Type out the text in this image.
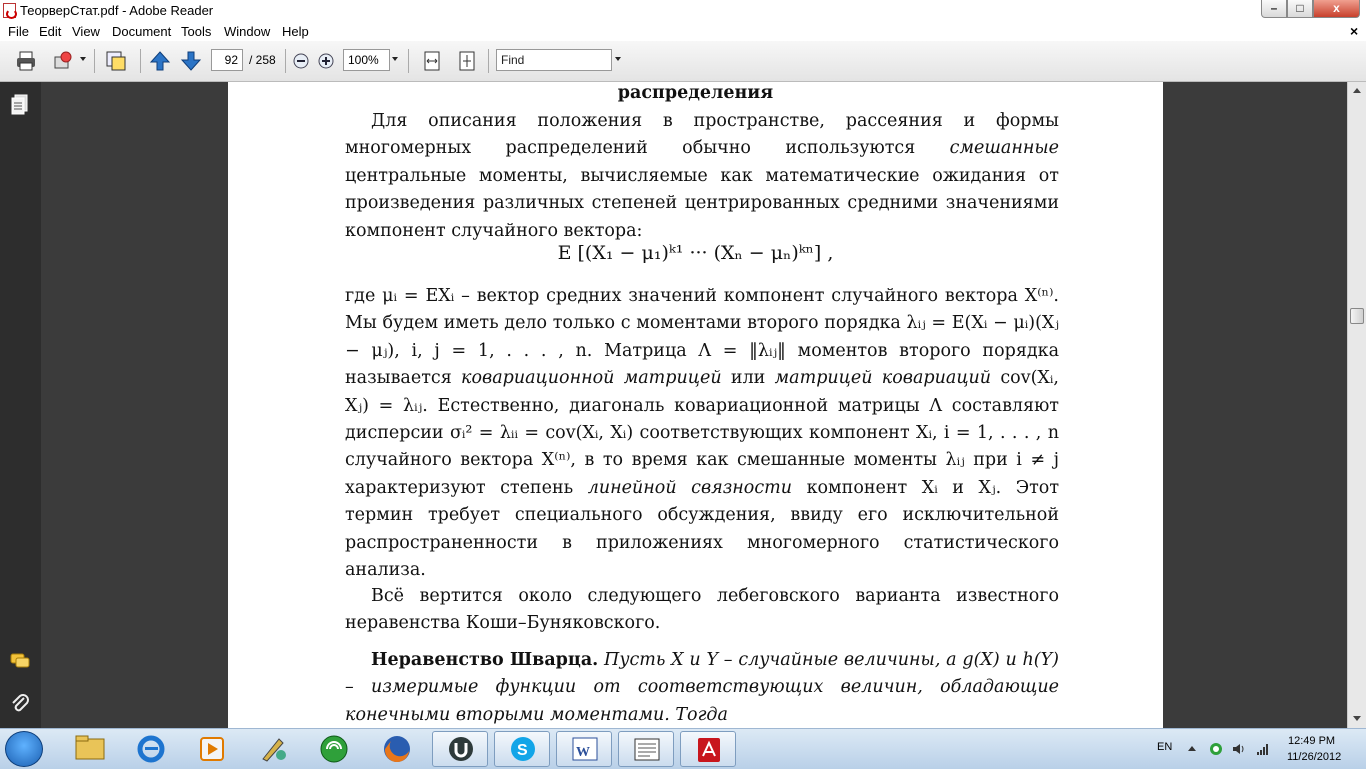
ТеорверСтат.pdf - Adobe Reader	–	□	x
File Edit View Document Tools Window Help	×
92 / 258	100%	Find
распределения

Для описания положения в пространстве, рассеяния и формы многомерных распределений обычно используются смешанные центральные моменты, вычисляемые как математические ожидания от произведения различных степеней центрированных средними значениями компонент случайного вектора:

E [(X₁ − μ₁)ᵏ¹ ··· (Xₙ − μₙ)ᵏⁿ] ,

где μᵢ = EXᵢ – вектор средних значений компонент случайного вектора X⁽ⁿ⁾. Мы будем иметь дело только с моментами второго порядка λᵢⱼ = E(Xᵢ − μᵢ)(Xⱼ − μⱼ), i, j = 1, . . . , n. Матрица Λ = ‖λᵢⱼ‖ моментов второго порядка называется ковариационной матрицей или матрицей ковариаций cov(Xᵢ, Xⱼ) = λᵢⱼ. Естественно, диагональ ковариационной матрицы Λ составляют дисперсии σᵢ² = λᵢᵢ = cov(Xᵢ, Xᵢ) соответствующих компонент Xᵢ, i = 1, . . . , n случайного вектора X⁽ⁿ⁾, в то время как смешанные моменты λᵢⱼ при i ≠ j характеризуют степень линейной связности компонент Xᵢ и Xⱼ. Этот термин требует специального обсуждения, ввиду его исключительной распространенности в приложениях многомерного статистического анализа.

Всё вертится около следующего лебеговского варианта известного неравенства Коши–Буняковского.

Неравенство Шварца. Пусть X и Y – случайные величины, а g(X) и h(Y) – измеримые функции от соответствующих величин, обладающие конечными вторыми моментами. Тогда

S	W	EN	12:49 PM
11/26/2012
